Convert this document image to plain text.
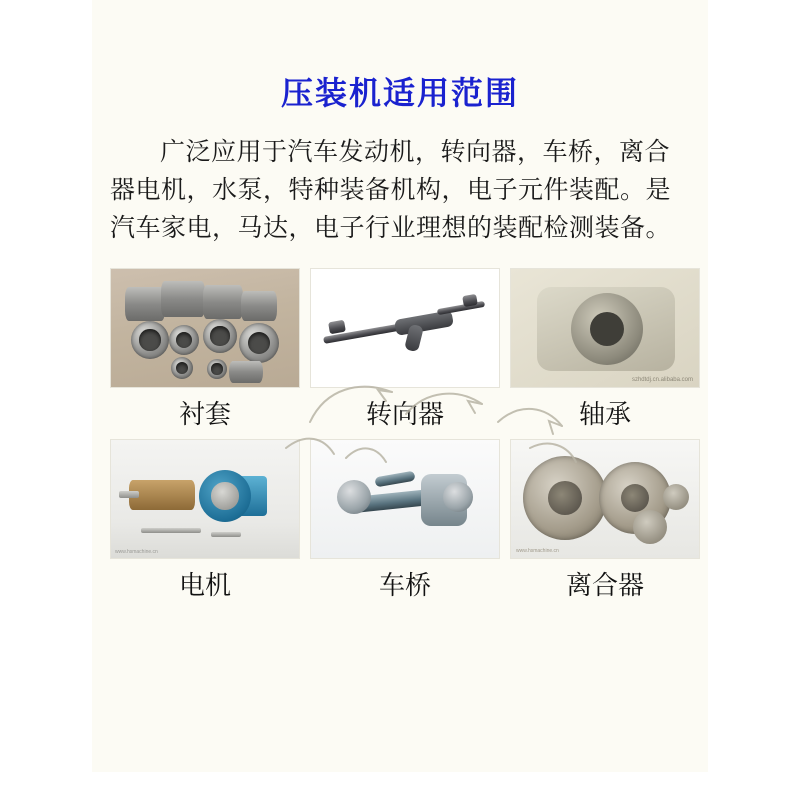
压装机适用范围
广泛应用于汽车发动机，转向器，车桥，离合器电机，水泵，特种装备机构，电子元件装配。是汽车家电，马达，电子行业理想的装配检测装备。
衬套	转向器
szhdtdj.cn.alibaba.com
轴承
www.hsmachine.cn
电机	车桥
www.hsmachine.cn
离合器
